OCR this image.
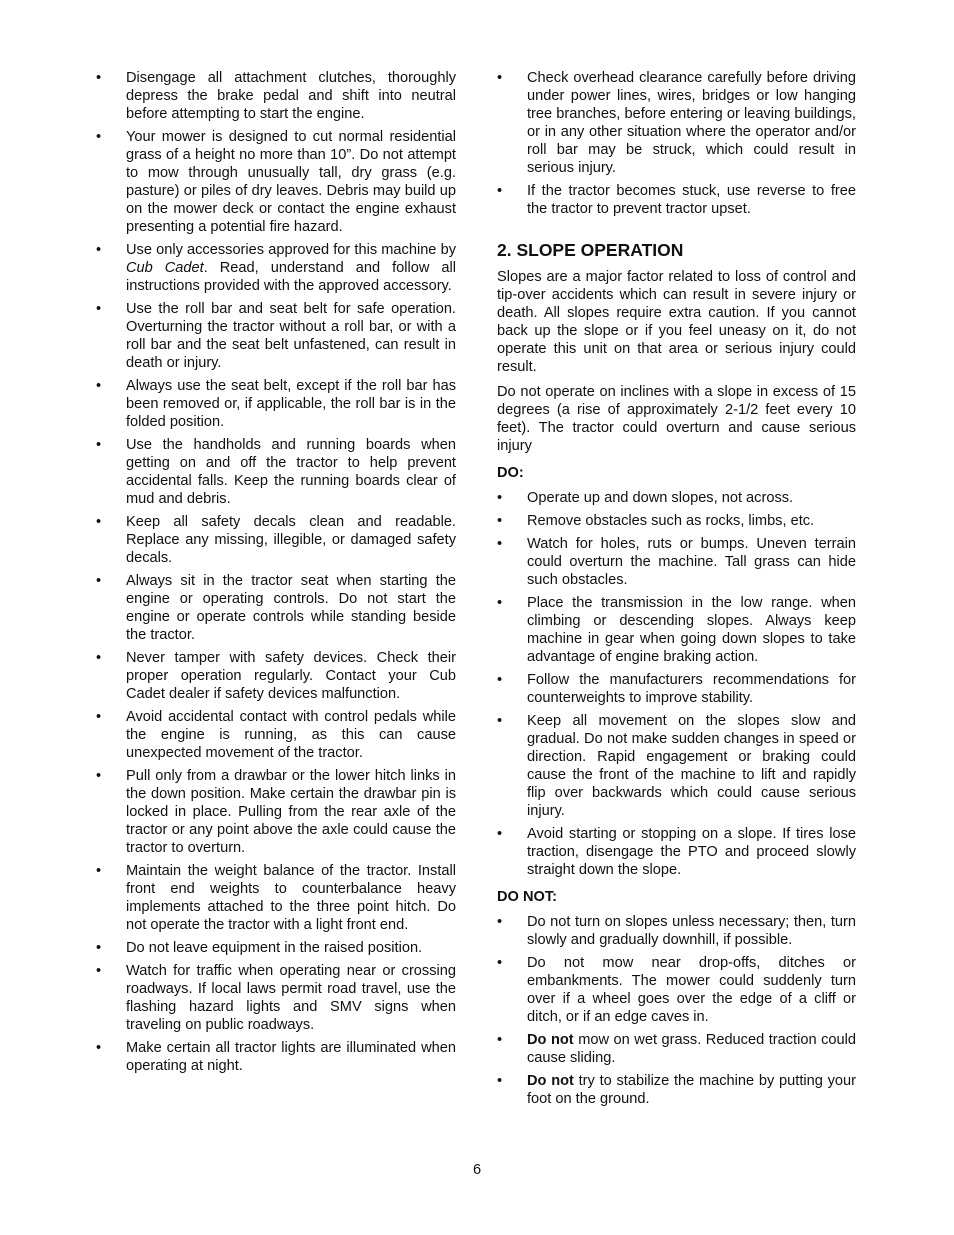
•	Disengage all attachment clutches, thoroughly depress the brake pedal and shift into neutral before attempting to start the engine.
•	Your mower is designed to cut normal residential grass of a height no more than 10”. Do not attempt to mow through unusually tall, dry grass (e.g. pasture) or piles of dry leaves. Debris may build up on the mower deck or contact the engine exhaust presenting a potential fire hazard.
•	Use only accessories approved for this machine by Cub Cadet. Read, understand and follow all instructions provided with the approved accessory.
•	Use the roll bar and seat belt for safe operation. Overturning the tractor without a roll bar, or with a roll bar and the seat belt unfastened, can result in death or injury.
•	Always use the seat belt, except if the roll bar has been removed or, if applicable, the roll bar is in the folded position.
•	Use the handholds and running boards when getting on and off the tractor to help prevent accidental falls. Keep the running boards clear of mud and debris.
•	Keep all safety decals clean and readable. Replace any missing, illegible, or damaged safety decals.
•	Always sit in the tractor seat when starting the engine or operating controls. Do not start the engine or operate controls while standing beside the tractor.
•	Never tamper with safety devices. Check their proper operation regularly. Contact your Cub Cadet dealer if safety devices malfunction.
•	Avoid accidental contact with control pedals while the engine is running, as this can cause unexpected movement of the tractor.
•	Pull only from a drawbar or the lower hitch links in the down position. Make certain the drawbar pin is locked in place. Pulling from the rear axle of the tractor or any point above the axle could cause the tractor to overturn.
•	Maintain the weight balance of the tractor. Install front end weights to counterbalance heavy implements attached to the three point hitch. Do not operate the tractor with a light front end.
•	Do not leave equipment in the raised position.
•	Watch for traffic when operating near or crossing roadways. If local laws permit road travel, use the flashing hazard lights and SMV signs when traveling on public roadways.
•	Make certain all tractor lights are illuminated when operating at night.
•	Check overhead clearance carefully before driving under power lines, wires, bridges or low hanging tree branches, before entering or leaving buildings, or in any other situation where the operator and/or roll bar may be struck, which could result in serious injury.
•	If the tractor becomes stuck, use reverse to free the tractor to prevent tractor upset.
2. SLOPE OPERATION

Slopes are a major factor related to loss of control and tip-over accidents which can result in severe injury or death. All slopes require extra caution. If you cannot back up the slope or if you feel uneasy on it, do not operate this unit on that area or serious injury could result.

Do not operate on inclines with a slope in excess of 15 degrees (a rise of approximately 2-1/2 feet every 10 feet). The tractor could overturn and cause serious injury

DO:
•	Operate up and down slopes, not across.
•	Remove obstacles such as rocks, limbs, etc.
•	Watch for holes, ruts or bumps. Uneven terrain could overturn the machine. Tall grass can hide such obstacles.
•	Place the transmission in the low range. when climbing or descending slopes. Always keep machine in gear when going down slopes to take advantage of engine braking action.
•	Follow the manufacturers recommendations for counterweights to improve stability.
•	Keep all movement on the slopes slow and gradual. Do not make sudden changes in speed or direction. Rapid engagement or braking could cause the front of the machine to lift and rapidly flip over backwards which could cause serious injury.
•	Avoid starting or stopping on a slope. If tires lose traction, disengage the PTO and proceed slowly straight down the slope.
DO NOT:
•	Do not turn on slopes unless necessary; then, turn slowly and gradually downhill, if possible.
•	Do not mow near drop-offs, ditches or embankments. The mower could suddenly turn over if a wheel goes over the edge of a cliff or ditch, or if an edge caves in.
•	Do not mow on wet grass. Reduced traction could cause sliding.
•	Do not try to stabilize the machine by putting your foot on the ground.
6
